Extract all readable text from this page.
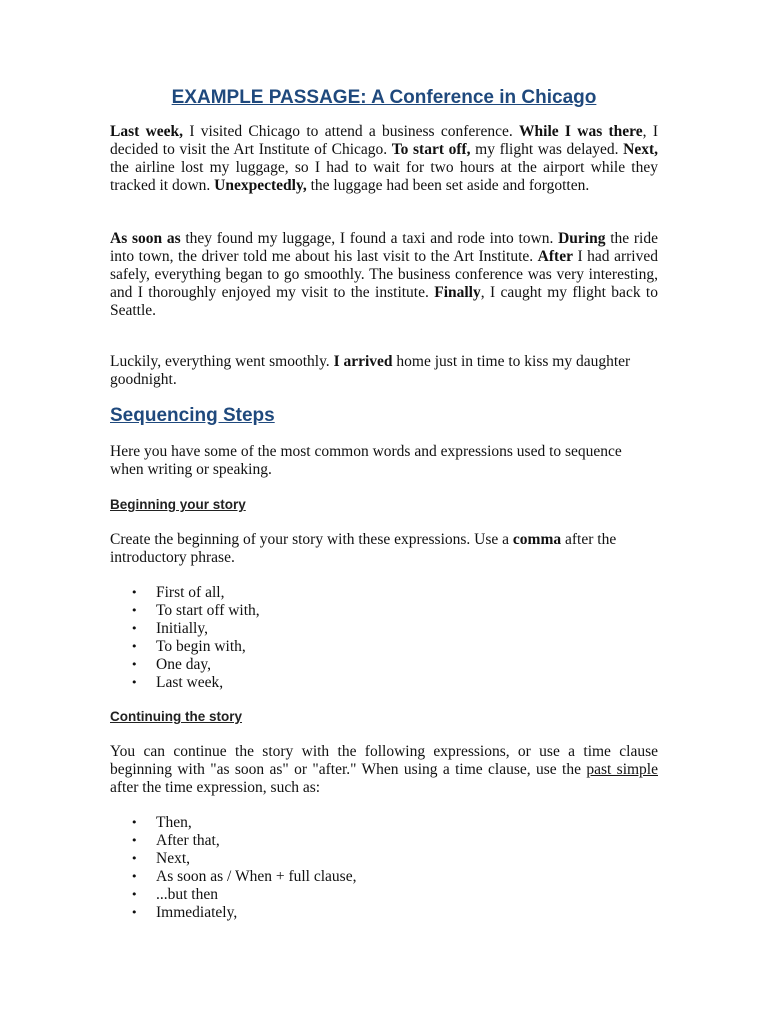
EXAMPLE PASSAGE: A Conference in Chicago

Last week, I visited Chicago to attend a business conference. While I was there, I decided to visit the Art Institute of Chicago. To start off, my flight was delayed. Next, the airline lost my luggage, so I had to wait for two hours at the airport while they tracked it down. Unexpectedly, the luggage had been set aside and forgotten.

As soon as they found my luggage, I found a taxi and rode into town. During the ride into town, the driver told me about his last visit to the Art Institute. After I had arrived safely, everything began to go smoothly. The business conference was very interesting, and I thoroughly enjoyed my visit to the institute. Finally, I caught my flight back to Seattle.

Luckily, everything went smoothly. I arrived home just in time to kiss my daughter goodnight.

Sequencing Steps

Here you have some of the most common words and expressions used to sequence when writing or speaking.

Beginning your story

Create the beginning of your story with these expressions. Use a comma after the introductory phrase.

• First of all,
• To start off with,
• Initially,
• To begin with,
• One day,
• Last week,
Continuing the story

You can continue the story with the following expressions, or use a time clause beginning with "as soon as" or "after." When using a time clause, use the past simple after the time expression, such as:

• Then,
• After that,
• Next,
• As soon as / When + full clause,
• ...but then
• Immediately,
